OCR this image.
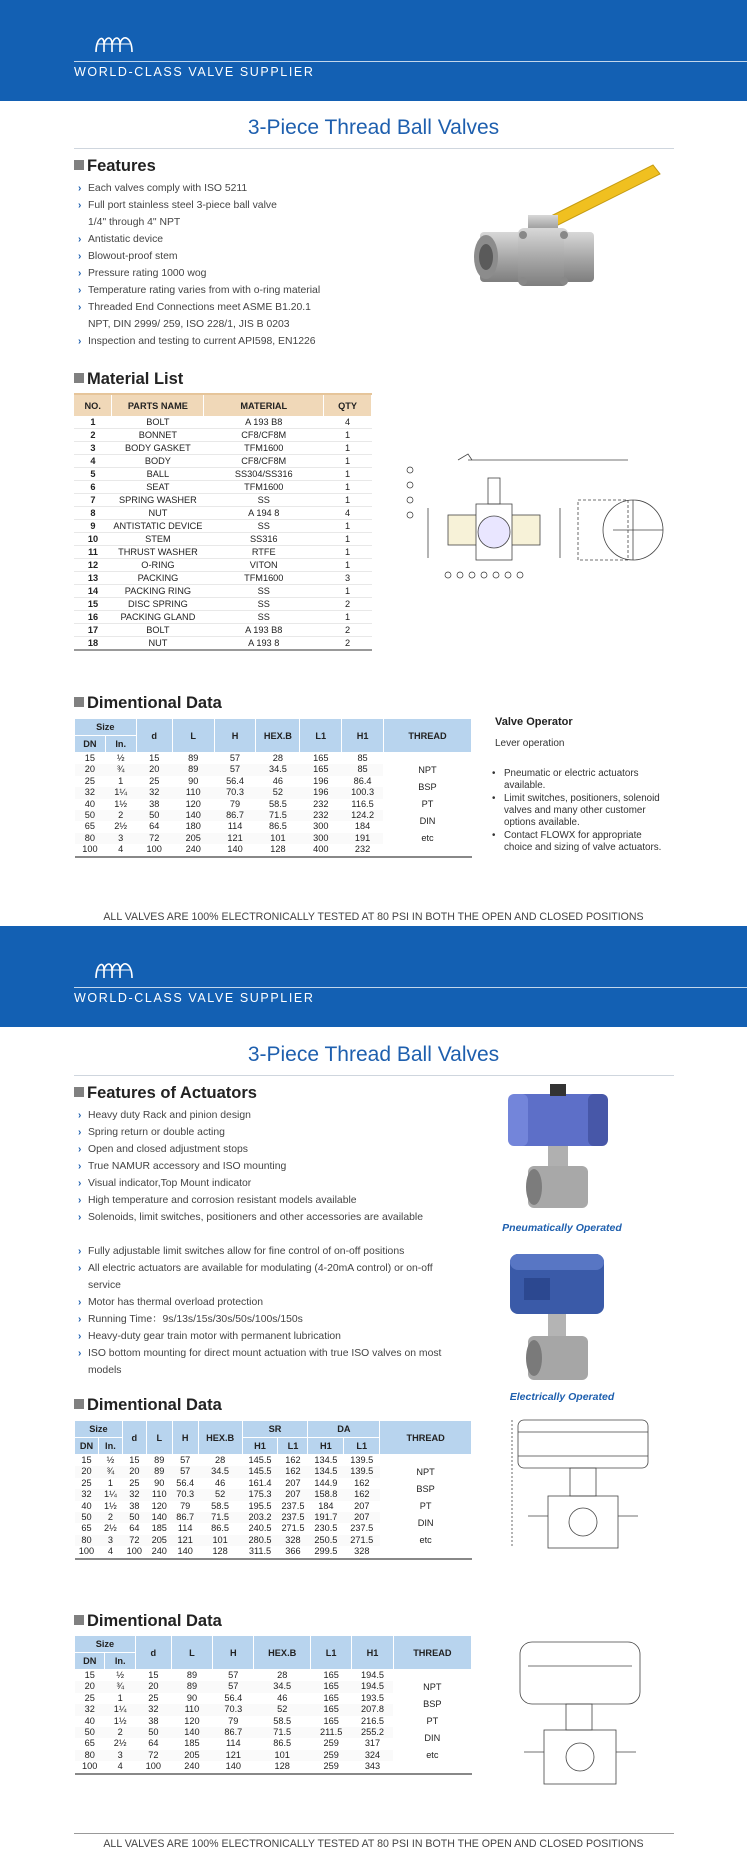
WORLD-CLASS VALVE SUPPLIER
3-Piece Thread Ball Valves
Features
› Each valves comply with ISO 5211
› Full port stainless steel 3-piece ball valve
1/4" through 4" NPT
› Antistatic device
› Blowout-proof stem
› Pressure rating 1000 wog
› Temperature rating varies from with o-ring material
› Threaded End Connections meet ASME B1.20.1
NPT, DIN 2999/ 259, ISO 228/1, JIS B 0203
› Inspection and testing to current API598, EN1226
Material List
NO.	PARTS NAME	MATERIAL	QTY
1	BOLT	A 193 B8	4
2	BONNET	CF8/CF8M	1
3	BODY GASKET	TFM1600	1
4	BODY	CF8/CF8M	1
5	BALL	SS304/SS316	1
6	SEAT	TFM1600	1
7	SPRING WASHER	SS	1
8	NUT	A 194 8	4
9	ANTISTATIC DEVICE	SS	1
10	STEM	SS316	1
11	THRUST WASHER	RTFE	1
12	O-RING	VITON	1
13	PACKING	TFM1600	3
14	PACKING RING	SS	1
15	DISC SPRING	SS	2
16	PACKING GLAND	SS	1
17	BOLT	A 193 B8	2
18	NUT	A 193 8	2
Dimentional Data
Size		d	L	H	HEX.B	L1	H1	THREAD
DN	In.							
15	½	15	89	57	28	165	85	NPT
BSP
PT
DIN
etc

20	¾	20	89	57	34.5	165	85	
25	1	25	90	56.4	46	196	86.4	
32	1¼	32	110	70.3	52	196	100.3	
40	1½	38	120	79	58.5	232	116.5	
50	2	50	140	86.7	71.5	232	124.2	
65	2½	64	180	114	86.5	300	184	
80	3	72	205	121	101	300	191	
100	4	100	240	140	128	400	232	
Valve Operator
Lever operation
• Pneumatic or electric actuators available.
• Limit switches, positioners, solenoid valves and many other customer options available.
• Contact FLOWX for appropriate choice and sizing of valve actuators.
ALL VALVES ARE 100% ELECTRONICALLY TESTED AT 80 PSI IN BOTH THE OPEN AND CLOSED POSITIONS
WORLD-CLASS VALVE SUPPLIER
3-Piece Thread Ball Valves
Features of Actuators
› Heavy duty Rack and pinion design
› Spring return or double acting
› Open and closed adjustment stops
› True NAMUR accessory and ISO mounting
› Visual indicator,Top Mount indicator
› High temperature and corrosion resistant models available
› Solenoids, limit switches, positioners and other accessories are available
› Fully adjustable limit switches allow for fine control of on-off positions
› All electric actuators are available for modulating (4-20mA control) or on-off
service
› Motor has thermal overload protection
› Running Time：9s/13s/15s/30s/50s/100s/150s
› Heavy-duty gear train motor with permanent lubrication
› ISO bottom mounting for direct mount actuation with true ISO valves on most
models
Pneumatically Operated
Electrically Operated
Dimentional Data
Size		d	L	H	HEX.B	SR		DA		THREAD
DN	In.					H1	L1	H1	L1	
15	½	15	89	57	28	145.5	162	134.5	139.5	NPT
BSP
PT
DIN
etc

20	¾	20	89	57	34.5	145.5	162	134.5	139.5	
25	1	25	90	56.4	46	161.4	207	144.9	162	
32	1¼	32	110	70.3	52	175.3	207	158.8	162	
40	1½	38	120	79	58.5	195.5	237.5	184	207	
50	2	50	140	86.7	71.5	203.2	237.5	191.7	207	
65	2½	64	185	114	86.5	240.5	271.5	230.5	237.5	
80	3	72	205	121	101	280.5	328	250.5	271.5	
100	4	100	240	140	128	311.5	366	299.5	328	
Dimentional Data
Size		d	L	H	HEX.B	L1	H1	THREAD
DN	In.							
15	½	15	89	57	28	165	194.5	NPT
BSP
PT
DIN
etc

20	¾	20	89	57	34.5	165	194.5	
25	1	25	90	56.4	46	165	193.5	
32	1¼	32	110	70.3	52	165	207.8	
40	1½	38	120	79	58.5	165	216.5	
50	2	50	140	86.7	71.5	211.5	255.2	
65	2½	64	185	114	86.5	259	317	
80	3	72	205	121	101	259	324	
100	4	100	240	140	128	259	343	
ALL VALVES ARE 100% ELECTRONICALLY TESTED AT 80 PSI IN BOTH THE OPEN AND CLOSED POSITIONS
